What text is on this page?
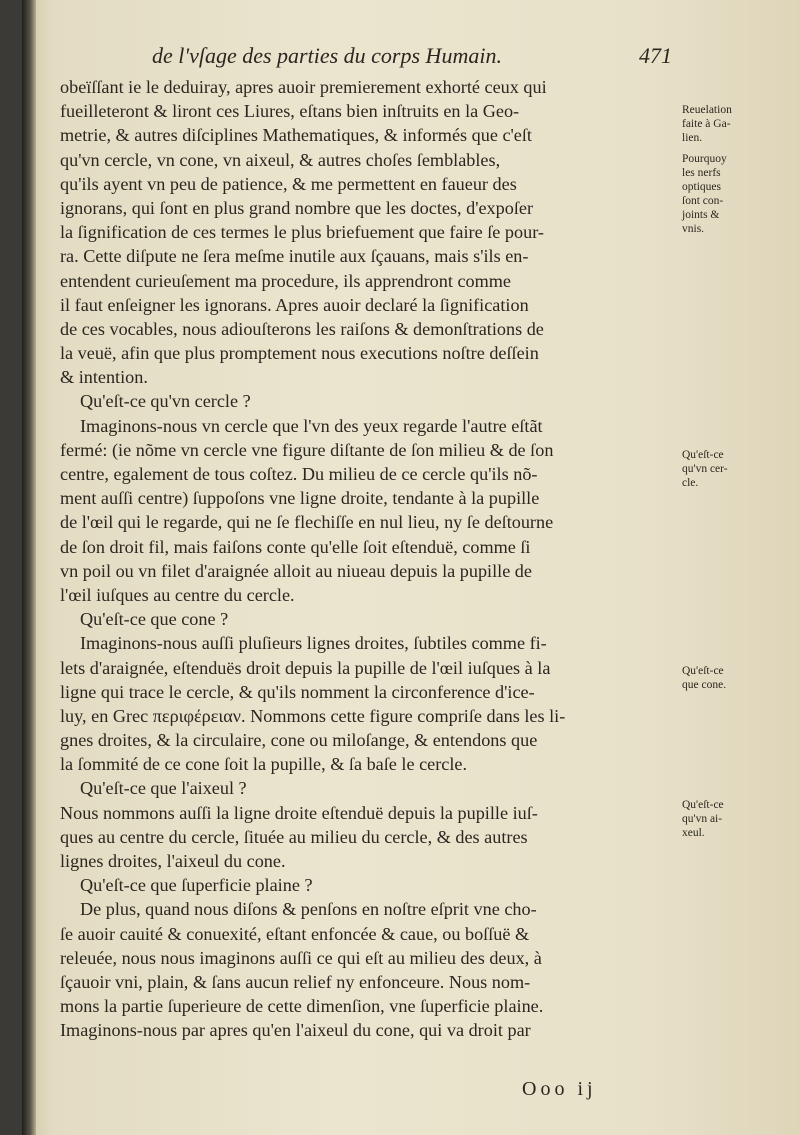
de l'vſage des parties du corps Humain.	471
obeïſſant ie le deduiray, apres auoir premierement exhorté ceux qui
fueilleteront & liront ces Liures, eſtans bien inſtruits en la Geo-
metrie, & autres diſciplines Mathematiques, & informés que c'eſt
qu'vn cercle, vn cone, vn aixeul, & autres choſes ſemblables,
qu'ils ayent vn peu de patience, & me permettent en faueur des
ignorans, qui ſont en plus grand nombre que les doctes, d'expoſer
la ſignification de ces termes le plus briefuement que faire ſe pour-
ra. Cette diſpute ne ſera meſme inutile aux ſçauans, mais s'ils en-
entendent curieuſement ma procedure, ils apprendront comme
il faut enſeigner les ignorans. Apres auoir declaré la ſignification
de ces vocables, nous adiouſterons les raiſons & demonſtrations de
la veuë, afin que plus promptement nous executions noſtre deſſein
& intention.
Qu'eſt-ce qu'vn cercle ?
Imaginons-nous vn cercle que l'vn des yeux regarde l'autre eſtãt
fermé: (ie nõme vn cercle vne figure diſtante de ſon milieu & de ſon
centre, egalement de tous coſtez. Du milieu de ce cercle qu'ils nõ-
ment auſſi centre) ſuppoſons vne ligne droite, tendante à la pupille
de l'œil qui le regarde, qui ne ſe flechiſſe en nul lieu, ny ſe deſtourne
de ſon droit fil, mais faiſons conte qu'elle ſoit eſtenduë, comme ſi
vn poil ou vn filet d'araignée alloit au niueau depuis la pupille de
l'œil iuſques au centre du cercle.
Qu'eſt-ce que cone ?
Imaginons-nous auſſi pluſieurs lignes droites, ſubtiles comme fi-
lets d'araignée, eſtenduës droit depuis la pupille de l'œil iuſques à la
ligne qui trace le cercle, & qu'ils nomment la circonference d'ice-
luy, en Grec περιφέρειαν. Nommons cette figure compriſe dans les li-
gnes droites, & la circulaire, cone ou miloſange, & entendons que
la ſommité de ce cone ſoit la pupille, & ſa baſe le cercle.
Qu'eſt-ce que l'aixeul ?
Nous nommons auſſi la ligne droite eſtenduë depuis la pupille iuſ-
ques au centre du cercle, ſituée au milieu du cercle, & des autres
lignes droites, l'aixeul du cone.
Qu'eſt-ce que ſuperficie plaine ?
De plus, quand nous diſons & penſons en noſtre eſprit vne cho-
ſe auoir cauité & conuexité, eſtant enfoncée & caue, ou boſſuë &
releuée, nous nous imaginons auſſi ce qui eſt au milieu des deux, à
ſçauoir vni, plain, & ſans aucun relief ny enfonceure. Nous nom-
mons la partie ſuperieure de cette dimenſion, vne ſuperficie plaine.
Imaginons-nous par apres qu'en l'aixeul du cone, qui va droit par
Reuelation
faite à Ga-
lien.
Pourquoy
les nerfs
optiques
ſont con-
joints &
vnis.
Qu'eſt-ce
qu'vn cer-
cle.
Qu'eſt-ce
que cone.
Qu'eſt-ce
qu'vn ai-
xeul.
Ooo ij
